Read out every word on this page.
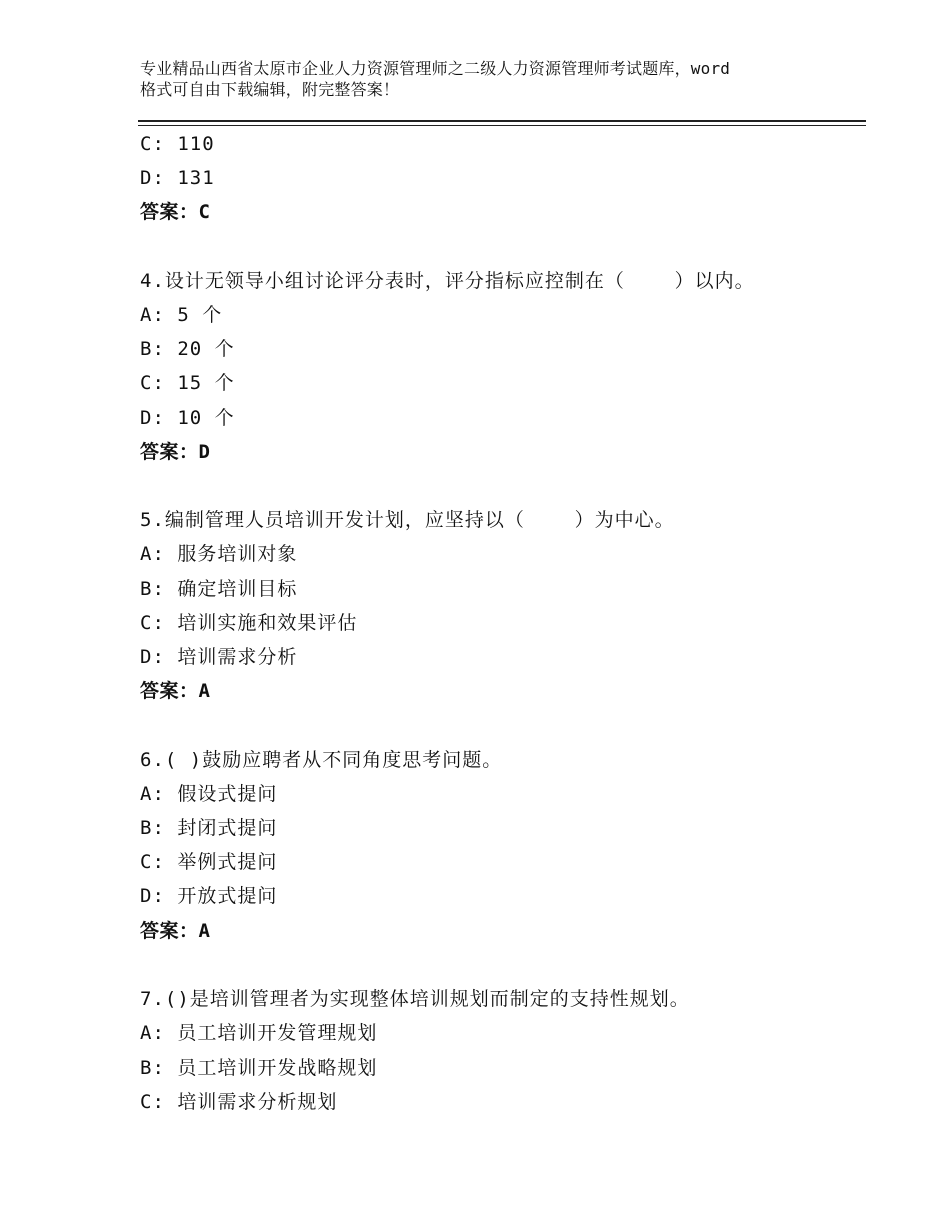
专业精品山西省太原市企业人力资源管理师之二级人力资源管理师考试题库，word
格式可自由下载编辑，附完整答案！
C: 110
D: 131
答案：C
4.设计无领导小组讨论评分表时，评分指标应控制在（    ）以内。
A: 5 个
B: 20 个
C: 15 个
D: 10 个
答案：D
5.编制管理人员培训开发计划，应坚持以（    ）为中心。
A: 服务培训对象
B: 确定培训目标
C: 培训实施和效果评估
D: 培训需求分析
答案：A
6.( )鼓励应聘者从不同角度思考问题。
A: 假设式提问
B: 封闭式提问
C: 举例式提问
D: 开放式提问
答案：A
7.()是培训管理者为实现整体培训规划而制定的支持性规划。
A: 员工培训开发管理规划
B: 员工培训开发战略规划
C: 培训需求分析规划
